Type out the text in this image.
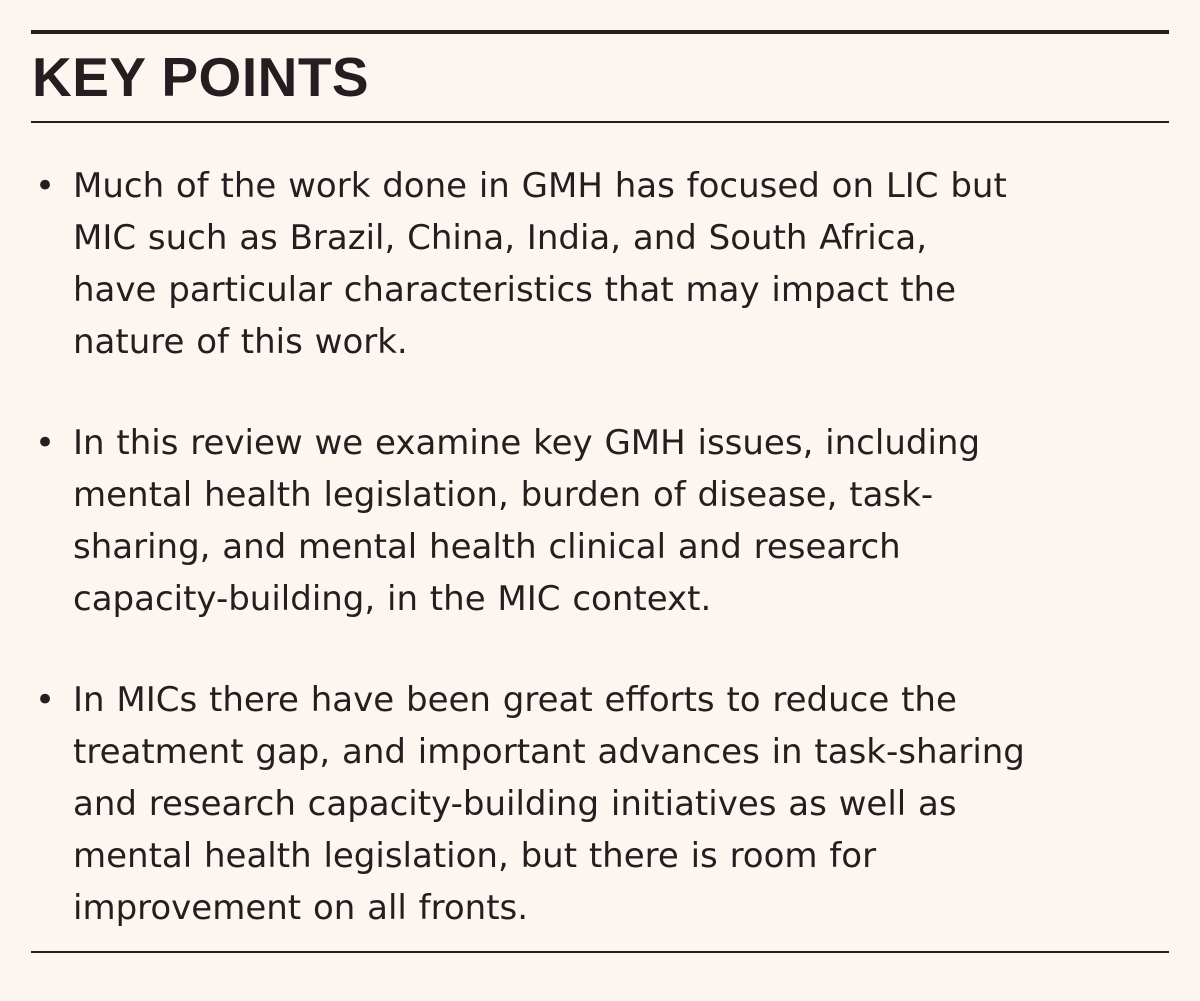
KEY POINTS
• Much of the work done in GMH has focused on LIC but
MIC such as Brazil, China, India, and South Africa,
have particular characteristics that may impact the
nature of this work.
• In this review we examine key GMH issues, including
mental health legislation, burden of disease, task-
sharing, and mental health clinical and research
capacity-building, in the MIC context.
• In MICs there have been great efforts to reduce the
treatment gap, and important advances in task-sharing
and research capacity-building initiatives as well as
mental health legislation, but there is room for
improvement on all fronts.
